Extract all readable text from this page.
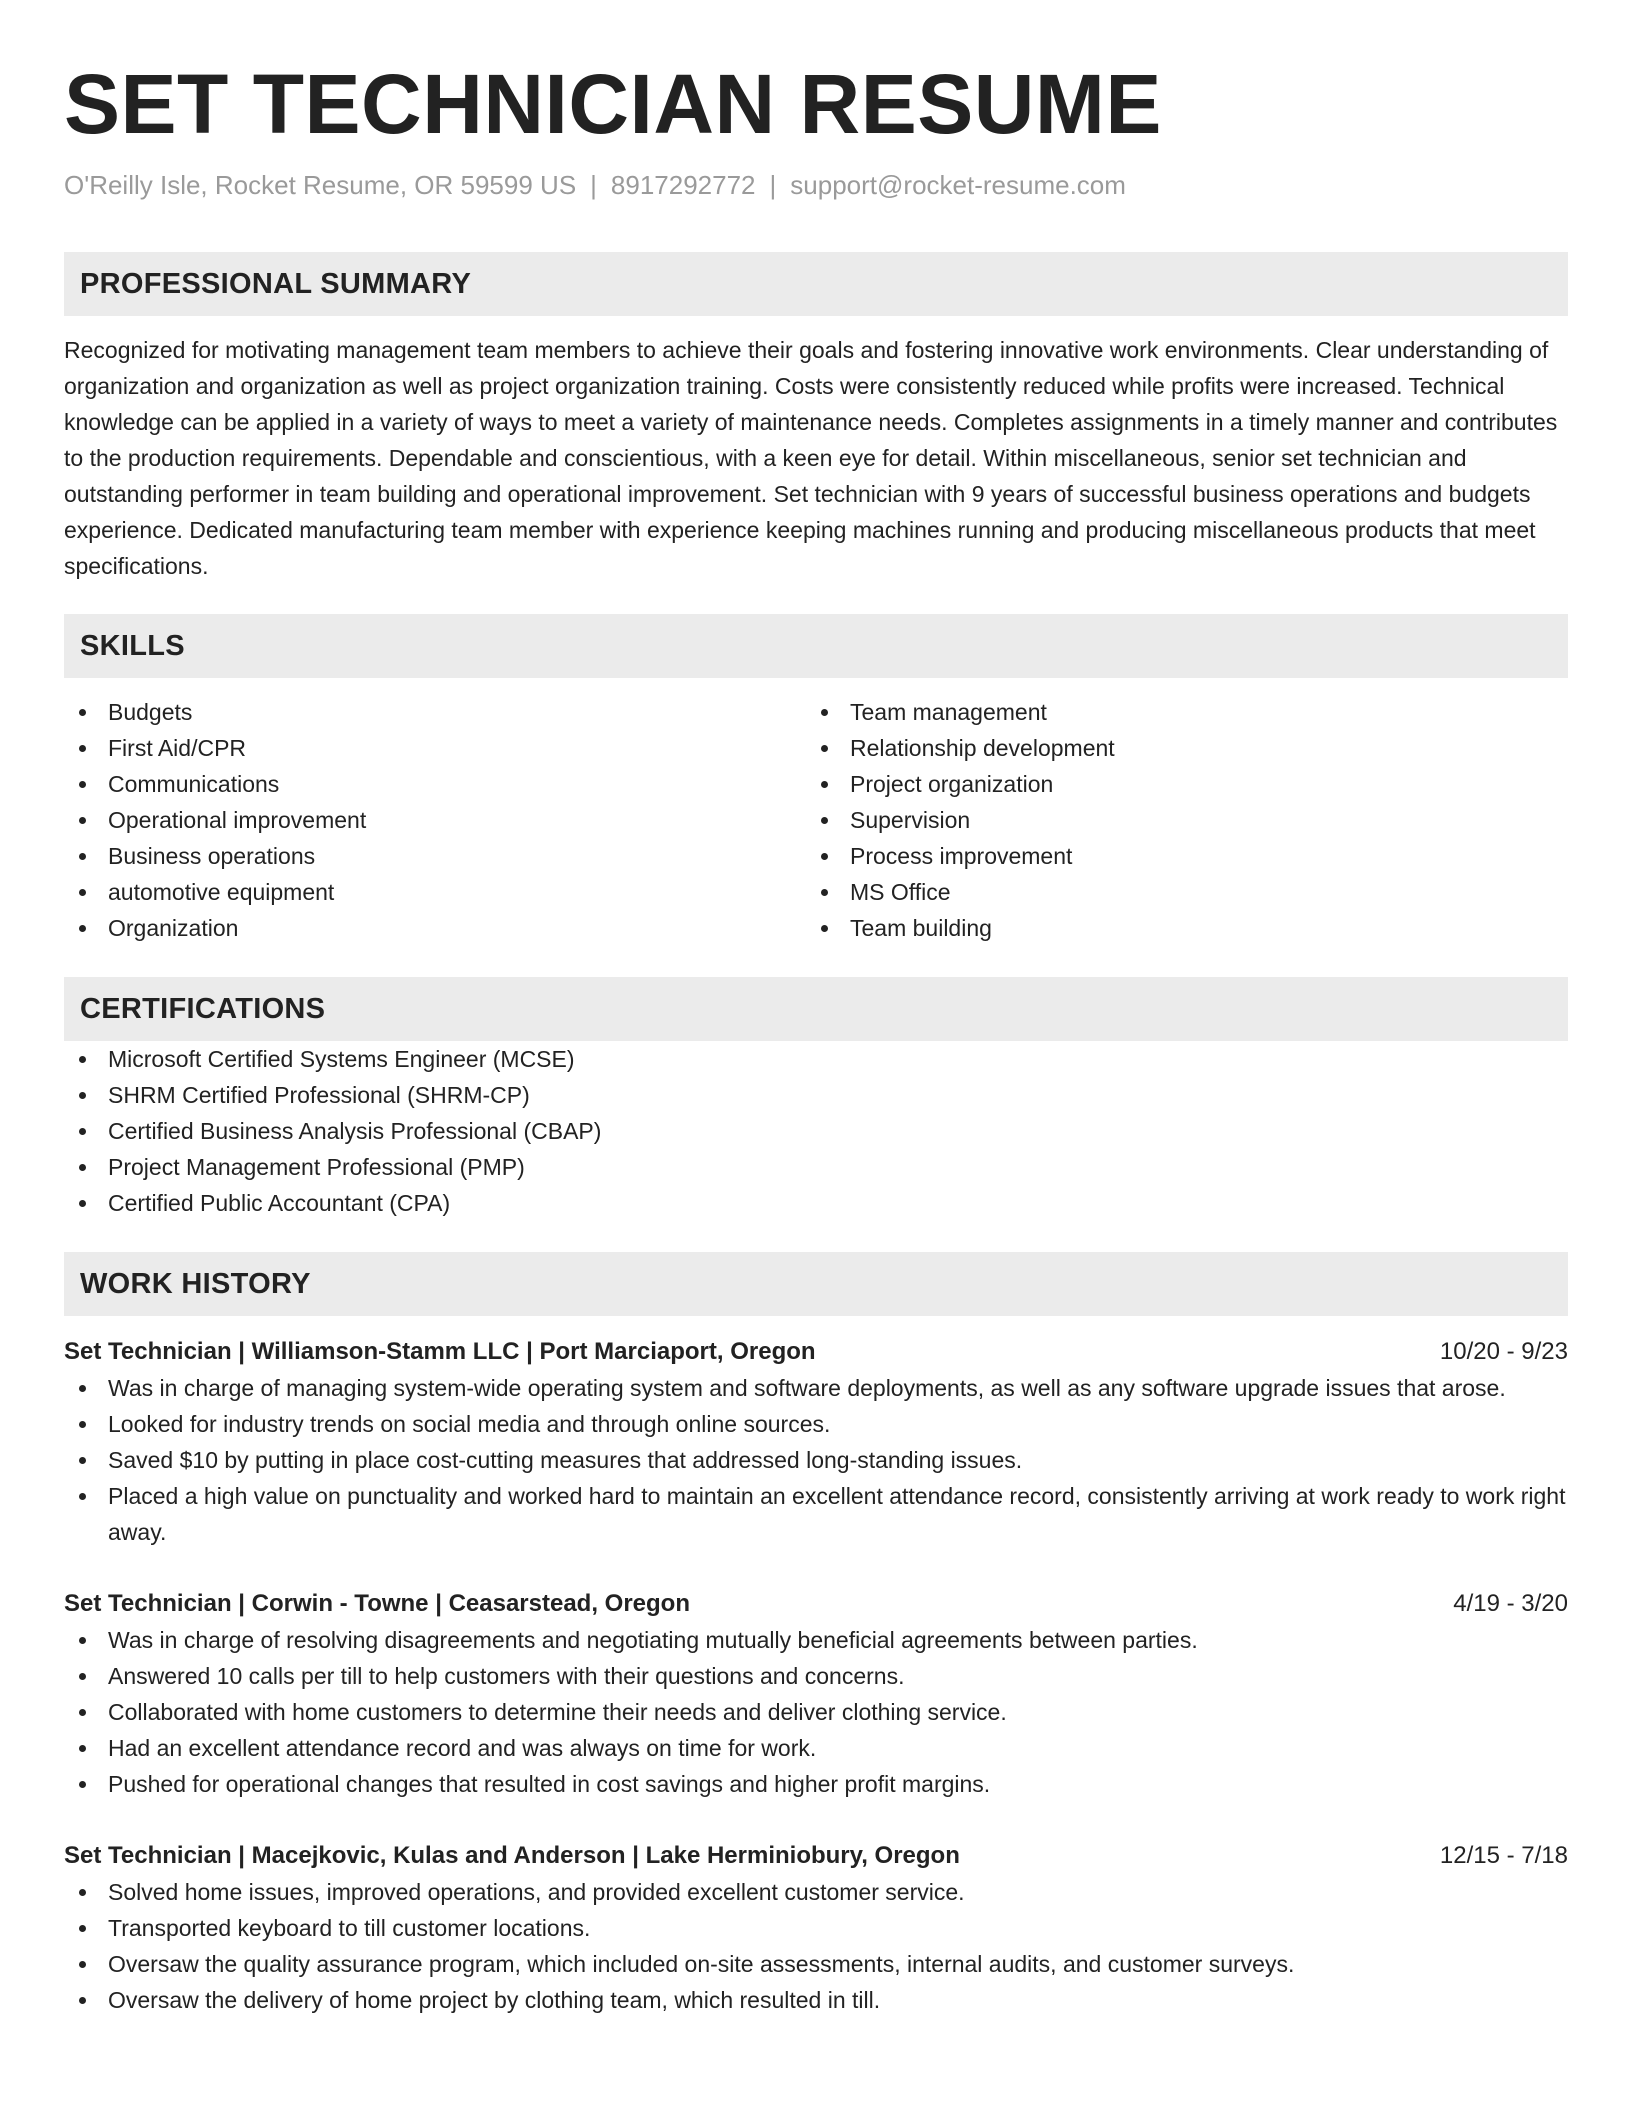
SET TECHNICIAN RESUME
O'Reilly Isle, Rocket Resume, OR 59599 US | 8917292772 | support@rocket-resume.com
PROFESSIONAL SUMMARY
Recognized for motivating management team members to achieve their goals and fostering innovative work environments. Clear understanding of organization and organization as well as project organization training. Costs were consistently reduced while profits were increased. Technical knowledge can be applied in a variety of ways to meet a variety of maintenance needs. Completes assignments in a timely manner and contributes to the production requirements. Dependable and conscientious, with a keen eye for detail. Within miscellaneous, senior set technician and outstanding performer in team building and operational improvement. Set technician with 9 years of successful business operations and budgets experience. Dedicated manufacturing team member with experience keeping machines running and producing miscellaneous products that meet specifications.
SKILLS
Budgets
First Aid/CPR
Communications
Operational improvement
Business operations
automotive equipment
Organization
Team management
Relationship development
Project organization
Supervision
Process improvement
MS Office
Team building
CERTIFICATIONS
Microsoft Certified Systems Engineer (MCSE)
SHRM Certified Professional (SHRM-CP)
Certified Business Analysis Professional (CBAP)
Project Management Professional (PMP)
Certified Public Accountant (CPA)
WORK HISTORY
Set Technician | Williamson-Stamm LLC | Port Marciaport, Oregon	10/20 - 9/23
Was in charge of managing system-wide operating system and software deployments, as well as any software upgrade issues that arose.
Looked for industry trends on social media and through online sources.
Saved $10 by putting in place cost-cutting measures that addressed long-standing issues.
Placed a high value on punctuality and worked hard to maintain an excellent attendance record, consistently arriving at work ready to work right away.
Set Technician | Corwin - Towne | Ceasarstead, Oregon	4/19 - 3/20
Was in charge of resolving disagreements and negotiating mutually beneficial agreements between parties.
Answered 10 calls per till to help customers with their questions and concerns.
Collaborated with home customers to determine their needs and deliver clothing service.
Had an excellent attendance record and was always on time for work.
Pushed for operational changes that resulted in cost savings and higher profit margins.
Set Technician | Macejkovic, Kulas and Anderson | Lake Herminiobury, Oregon	12/15 - 7/18
Solved home issues, improved operations, and provided excellent customer service.
Transported keyboard to till customer locations.
Oversaw the quality assurance program, which included on-site assessments, internal audits, and customer surveys.
Oversaw the delivery of home project by clothing team, which resulted in till.
